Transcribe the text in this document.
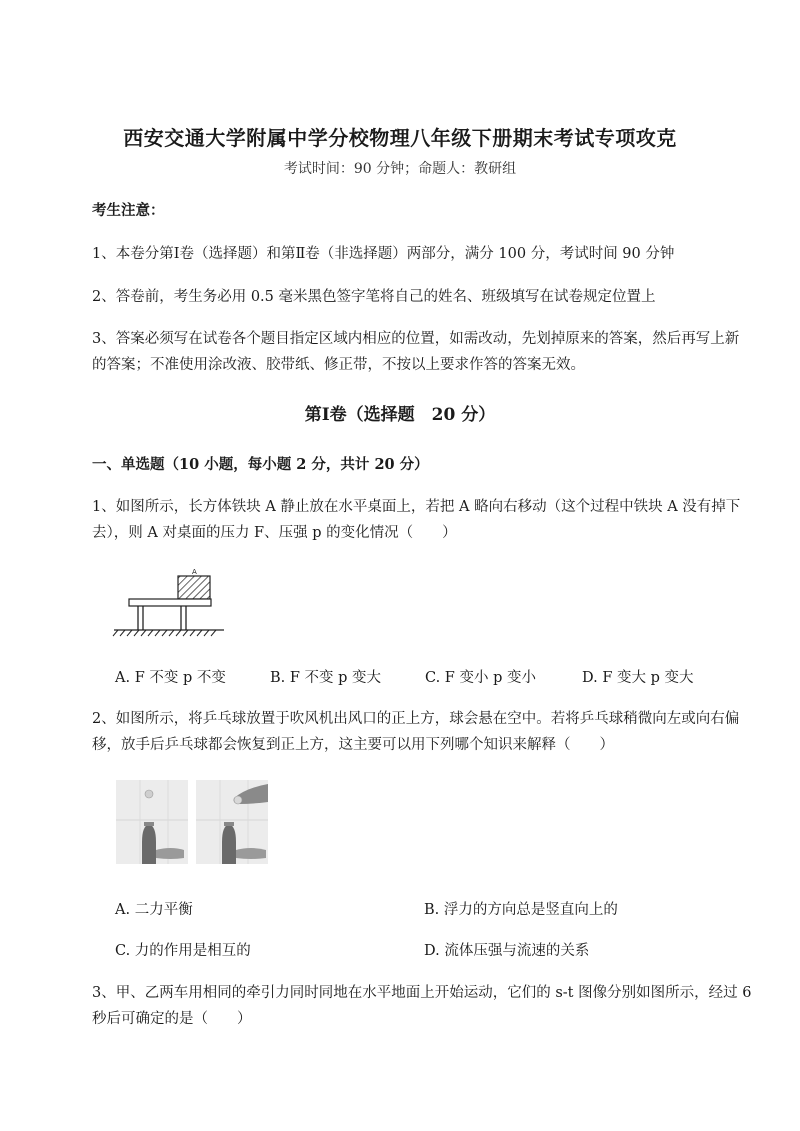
西安交通大学附属中学分校物理八年级下册期末考试专项攻克
考试时间：90 分钟；命题人：教研组
考生注意：
1、本卷分第Ⅰ卷（选择题）和第Ⅱ卷（非选择题）两部分，满分 100 分，考试时间 90 分钟
2、答卷前，考生务必用 0.5 毫米黑色签字笔将自己的姓名、班级填写在试卷规定位置上
3、答案必须写在试卷各个题目指定区域内相应的位置，如需改动，先划掉原来的答案，然后再写上新的答案；不准使用涂改液、胶带纸、修正带，不按以上要求作答的答案无效。
第Ⅰ卷（选择题　20 分）
一、单选题（10 小题，每小题 2 分，共计 20 分）
1、如图所示，长方体铁块 A 静止放在水平桌面上，若把 A 略向右移动（这个过程中铁块 A 没有掉下去），则 A 对桌面的压力 F、压强 p 的变化情况（　　）
A
A. F 不变 p 不变	B. F 不变 p 变大	C. F 变小 p 变小	D. F 变大 p 变大
2、如图所示，将乒乓球放置于吹风机出风口的正上方，球会悬在空中。若将乒乓球稍微向左或向右偏移，放手后乒乓球都会恢复到正上方，这主要可以用下列哪个知识来解释（　　）
A. 二力平衡	B. 浮力的方向总是竖直向上的
C. 力的作用是相互的	D. 流体压强与流速的关系
3、甲、乙两车用相同的牵引力同时同地在水平地面上开始运动，它们的 s-t 图像分别如图所示，经过 6 秒后可确定的是（　　）
